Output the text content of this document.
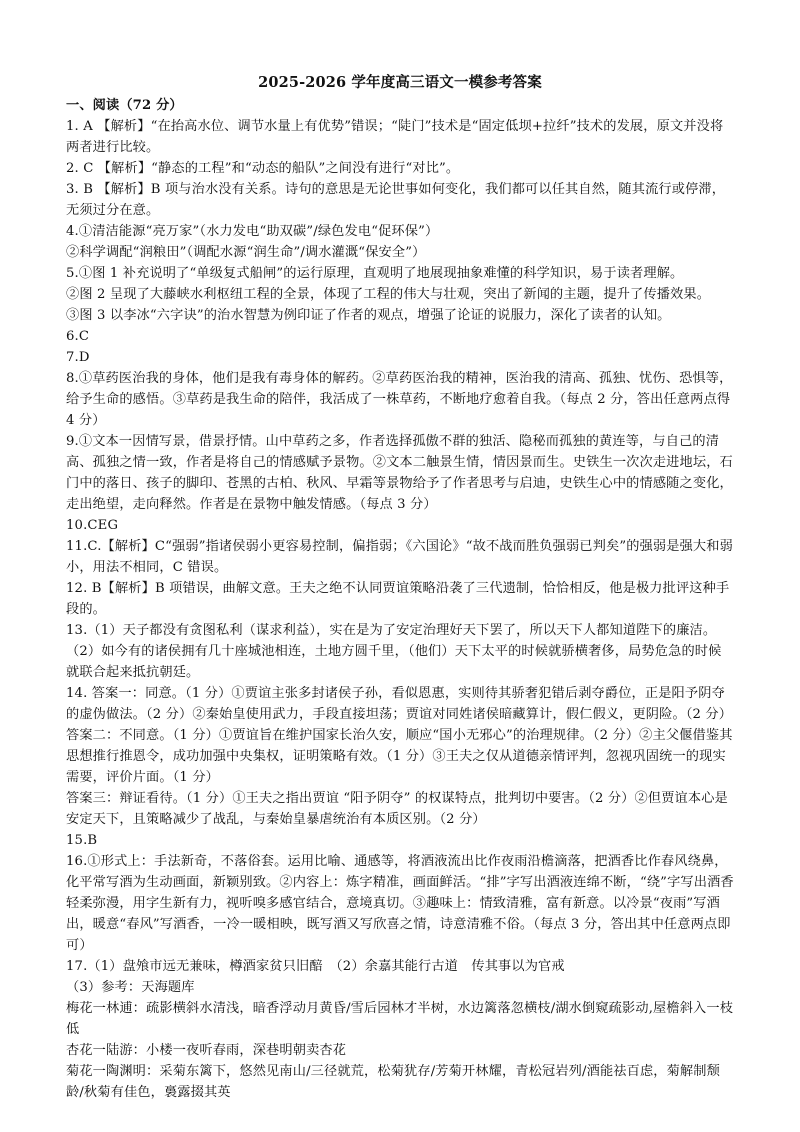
2025-2026 学年度高三语文一模参考答案
一、阅读（72 分）
1. A 【解析】“在抬高水位、调节水量上有优势”错误；“陡门”技术是“固定低坝+拉纤”技术的发展，原文并没将两者进行比较。
2. C 【解析】“静态的工程”和“动态的船队”之间没有进行“对比”。
3. B 【解析】B 项与治水没有关系。诗句的意思是无论世事如何变化，我们都可以任其自然，随其流行或停滞，无须过分在意。
4.①清洁能源“亮万家”（水力发电“助双碳”/绿色发电“促环保”）
②科学调配“润粮田”（调配水源“润生命”/调水灌溉“保安全”）
5.①图 1 补充说明了“单级复式船闸”的运行原理，直观明了地展现抽象难懂的科学知识，易于读者理解。
②图 2 呈现了大藤峡水利枢纽工程的全景，体现了工程的伟大与壮观，突出了新闻的主题，提升了传播效果。
③图 3 以李冰“六字诀”的治水智慧为例印证了作者的观点，增强了论证的说服力，深化了读者的认知。
6.C
7.D
8.①草药医治我的身体，他们是我有毒身体的解药。②草药医治我的精神，医治我的清高、孤独、忧伤、恐惧等，给予生命的感悟。③草药是我生命的陪伴，我活成了一株草药，不断地疗愈着自我。（每点 2 分，答出任意两点得 4 分）
9.①文本一因情写景，借景抒情。山中草药之多，作者选择孤傲不群的独活、隐秘而孤独的黄连等，与自己的清高、孤独之情一致，作者是将自己的情感赋予景物。②文本二触景生情，情因景而生。史铁生一次次走进地坛，石门中的落日、孩子的脚印、苍黑的古柏、秋风、早霜等景物给予了作者思考与启迪，史铁生心中的情感随之变化，走出绝望，走向释然。作者是在景物中触发情感。（每点 3 分）
10.CEG
11.C.【解析】C“强弱”指诸侯弱小更容易控制，偏指弱；《六国论》“故不战而胜负强弱已判矣”的强弱是强大和弱小，用法不相同，C 错误。
12. B【解析】B 项错误，曲解文意。王夫之绝不认同贾谊策略沿袭了三代遗制，恰恰相反，他是极力批评这种手段的。
13.（1）天子都没有贪图私利（谋求利益），实在是为了安定治理好天下罢了，所以天下人都知道陛下的廉洁。
（2）如今有的诸侯拥有几十座城池相连，土地方圆千里，（他们）天下太平的时候就骄横奢侈，局势危急的时候就联合起来抵抗朝廷。
14. 答案一：同意。（1 分）①贾谊主张多封诸侯子孙，看似恩惠，实则待其骄奢犯错后剥夺爵位，正是阳予阴夺的虚伪做法。（2 分）②秦始皇使用武力，手段直接坦荡；贾谊对同姓诸侯暗藏算计，假仁假义，更阴险。（2 分）
答案二：不同意。（1 分）①贾谊旨在维护国家长治久安，顺应“国小无邪心”的治理规律。（2 分）②主父偃借鉴其思想推行推恩令，成功加强中央集权，证明策略有效。（1 分）③王夫之仅从道德亲情评判，忽视巩固统一的现实需要，评价片面。（1 分）
答案三：辩证看待。（1 分）①王夫之指出贾谊 “阳予阴夺” 的权谋特点，批判切中要害。（2 分）②但贾谊本心是安定天下，且策略减少了战乱，与秦始皇暴虐统治有本质区别。（2 分）
15.B
16.①形式上：手法新奇，不落俗套。运用比喻、通感等，将酒液流出比作夜雨沿檐滴落，把酒香比作春风绕鼻，化平常写酒为生动画面，新颖别致。②内容上：炼字精准，画面鲜活。“排”字写出酒液连绵不断，“绕”字写出酒香轻柔弥漫，用字生新有力，视听嗅多感官结合，意境真切。③趣味上：情致清雅，富有新意。以冷景“夜雨”写酒出，暖意“春风”写酒香，一冷一暖相映，既写酒又写欣喜之情，诗意清雅不俗。（每点 3 分，答出其中任意两点即可）
17.（1）盘飧市远无兼味，樽酒家贫只旧醅　（2）余嘉其能行古道　传其事以为官戒
（3）参考：天海题库
梅花一林逋：疏影横斜水清浅，暗香浮动月黄昏/雪后园林才半树，水边篱落忽横枝/湖水倒窥疏影动,屋檐斜入一枝低
杏花一陆游：小楼一夜听春雨，深巷明朝卖杏花
菊花一陶渊明：采菊东篱下，悠然见南山/三径就荒，松菊犹存/芳菊开林耀，青松冠岩列/酒能祛百虑，菊解制颓龄/秋菊有佳色，裛露掇其英
